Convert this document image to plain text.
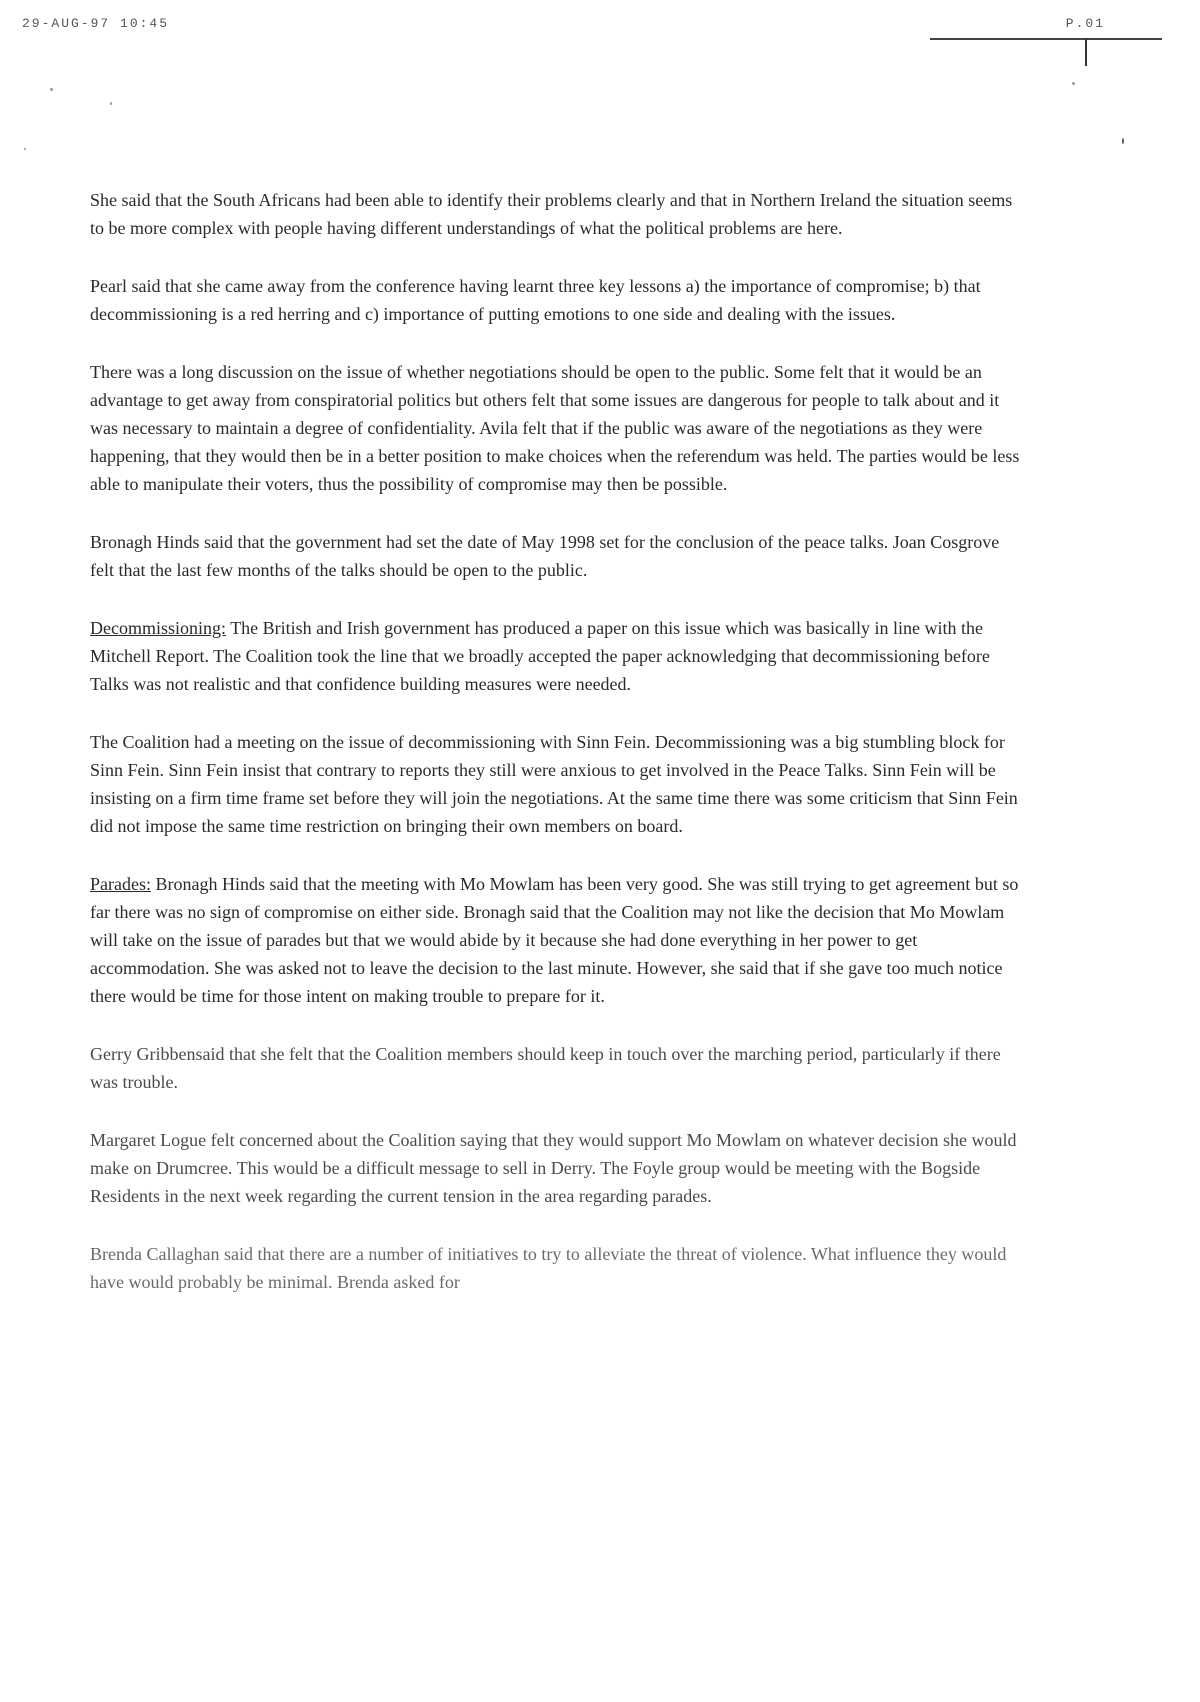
29-AUG-97 10:45	P.01

She said that the South Africans had been able to identify their problems clearly and that in Northern Ireland the situation seems to be more complex with people having different understandings of what the political problems are here.

Pearl said that she came away from the conference having learnt three key lessons a) the importance of compromise; b) that decommissioning is a red herring and c) importance of putting emotions to one side and dealing with the issues.

There was a long discussion on the issue of whether negotiations should be open to the public. Some felt that it would be an advantage to get away from conspiratorial politics but others felt that some issues are dangerous for people to talk about and it was necessary to maintain a degree of confidentiality. Avila felt that if the public was aware of the negotiations as they were happening, that they would then be in a better position to make choices when the referendum was held. The parties would be less able to manipulate their voters, thus the possibility of compromise may then be possible.

Bronagh Hinds said that the government had set the date of May 1998 set for the conclusion of the peace talks. Joan Cosgrove felt that the last few months of the talks should be open to the public.

Decommissioning: The British and Irish government has produced a paper on this issue which was basically in line with the Mitchell Report. The Coalition took the line that we broadly accepted the paper acknowledging that decommissioning before Talks was not realistic and that confidence building measures were needed.

The Coalition had a meeting on the issue of decommissioning with Sinn Fein. Decommissioning was a big stumbling block for Sinn Fein. Sinn Fein insist that contrary to reports they still were anxious to get involved in the Peace Talks. Sinn Fein will be insisting on a firm time frame set before they will join the negotiations. At the same time there was some criticism that Sinn Fein did not impose the same time restriction on bringing their own members on board.

Parades: Bronagh Hinds said that the meeting with Mo Mowlam has been very good. She was still trying to get agreement but so far there was no sign of compromise on either side. Bronagh said that the Coalition may not like the decision that Mo Mowlam will take on the issue of parades but that we would abide by it because she had done everything in her power to get accommodation. She was asked not to leave the decision to the last minute. However, she said that if she gave too much notice there would be time for those intent on making trouble to prepare for it.

Gerry Gribbensaid that she felt that the Coalition members should keep in touch over the marching period, particularly if there was trouble.

Margaret Logue felt concerned about the Coalition saying that they would support Mo Mowlam on whatever decision she would make on Drumcree. This would be a difficult message to sell in Derry. The Foyle group would be meeting with the Bogside Residents in the next week regarding the current tension in the area regarding parades.

Brenda Callaghan said that there are a number of initiatives to try to alleviate the threat of violence. What influence they would have would probably be minimal. Brenda asked for
